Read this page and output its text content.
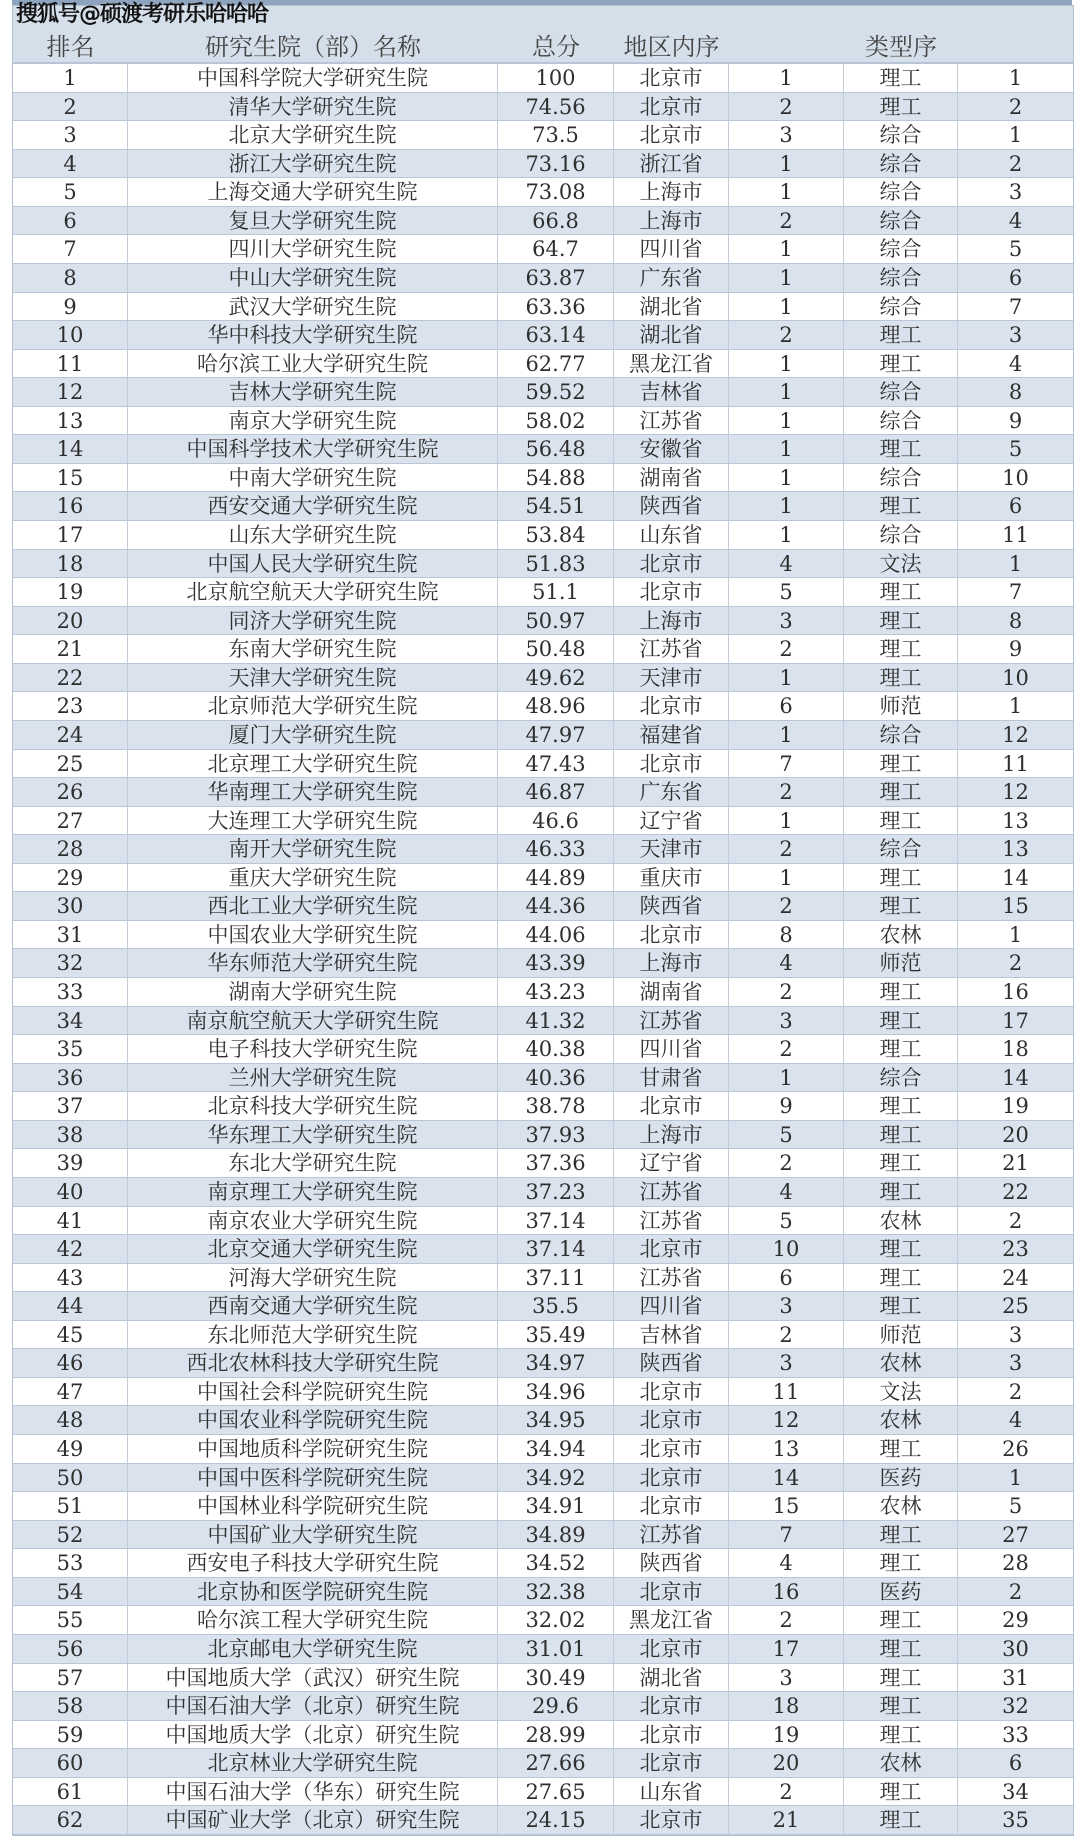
搜狐号@硕渡考研乐哈哈哈
排名	研究生院（部）名称	总分	地区内序	类型序
1	中国科学院大学研究生院	100	北京市	1	理工	1
2	清华大学研究生院	74.56	北京市	2	理工	2
3	北京大学研究生院	73.5	北京市	3	综合	1
4	浙江大学研究生院	73.16	浙江省	1	综合	2
5	上海交通大学研究生院	73.08	上海市	1	综合	3
6	复旦大学研究生院	66.8	上海市	2	综合	4
7	四川大学研究生院	64.7	四川省	1	综合	5
8	中山大学研究生院	63.87	广东省	1	综合	6
9	武汉大学研究生院	63.36	湖北省	1	综合	7
10	华中科技大学研究生院	63.14	湖北省	2	理工	3
11	哈尔滨工业大学研究生院	62.77	黑龙江省	1	理工	4
12	吉林大学研究生院	59.52	吉林省	1	综合	8
13	南京大学研究生院	58.02	江苏省	1	综合	9
14	中国科学技术大学研究生院	56.48	安徽省	1	理工	5
15	中南大学研究生院	54.88	湖南省	1	综合	10
16	西安交通大学研究生院	54.51	陕西省	1	理工	6
17	山东大学研究生院	53.84	山东省	1	综合	11
18	中国人民大学研究生院	51.83	北京市	4	文法	1
19	北京航空航天大学研究生院	51.1	北京市	5	理工	7
20	同济大学研究生院	50.97	上海市	3	理工	8
21	东南大学研究生院	50.48	江苏省	2	理工	9
22	天津大学研究生院	49.62	天津市	1	理工	10
23	北京师范大学研究生院	48.96	北京市	6	师范	1
24	厦门大学研究生院	47.97	福建省	1	综合	12
25	北京理工大学研究生院	47.43	北京市	7	理工	11
26	华南理工大学研究生院	46.87	广东省	2	理工	12
27	大连理工大学研究生院	46.6	辽宁省	1	理工	13
28	南开大学研究生院	46.33	天津市	2	综合	13
29	重庆大学研究生院	44.89	重庆市	1	理工	14
30	西北工业大学研究生院	44.36	陕西省	2	理工	15
31	中国农业大学研究生院	44.06	北京市	8	农林	1
32	华东师范大学研究生院	43.39	上海市	4	师范	2
33	湖南大学研究生院	43.23	湖南省	2	理工	16
34	南京航空航天大学研究生院	41.32	江苏省	3	理工	17
35	电子科技大学研究生院	40.38	四川省	2	理工	18
36	兰州大学研究生院	40.36	甘肃省	1	综合	14
37	北京科技大学研究生院	38.78	北京市	9	理工	19
38	华东理工大学研究生院	37.93	上海市	5	理工	20
39	东北大学研究生院	37.36	辽宁省	2	理工	21
40	南京理工大学研究生院	37.23	江苏省	4	理工	22
41	南京农业大学研究生院	37.14	江苏省	5	农林	2
42	北京交通大学研究生院	37.14	北京市	10	理工	23
43	河海大学研究生院	37.11	江苏省	6	理工	24
44	西南交通大学研究生院	35.5	四川省	3	理工	25
45	东北师范大学研究生院	35.49	吉林省	2	师范	3
46	西北农林科技大学研究生院	34.97	陕西省	3	农林	3
47	中国社会科学院研究生院	34.96	北京市	11	文法	2
48	中国农业科学院研究生院	34.95	北京市	12	农林	4
49	中国地质科学院研究生院	34.94	北京市	13	理工	26
50	中国中医科学院研究生院	34.92	北京市	14	医药	1
51	中国林业科学院研究生院	34.91	北京市	15	农林	5
52	中国矿业大学研究生院	34.89	江苏省	7	理工	27
53	西安电子科技大学研究生院	34.52	陕西省	4	理工	28
54	北京协和医学院研究生院	32.38	北京市	16	医药	2
55	哈尔滨工程大学研究生院	32.02	黑龙江省	2	理工	29
56	北京邮电大学研究生院	31.01	北京市	17	理工	30
57	中国地质大学（武汉）研究生院	30.49	湖北省	3	理工	31
58	中国石油大学（北京）研究生院	29.6	北京市	18	理工	32
59	中国地质大学（北京）研究生院	28.99	北京市	19	理工	33
60	北京林业大学研究生院	27.66	北京市	20	农林	6
61	中国石油大学（华东）研究生院	27.65	山东省	2	理工	34
62	中国矿业大学（北京）研究生院	24.15	北京市	21	理工	35
